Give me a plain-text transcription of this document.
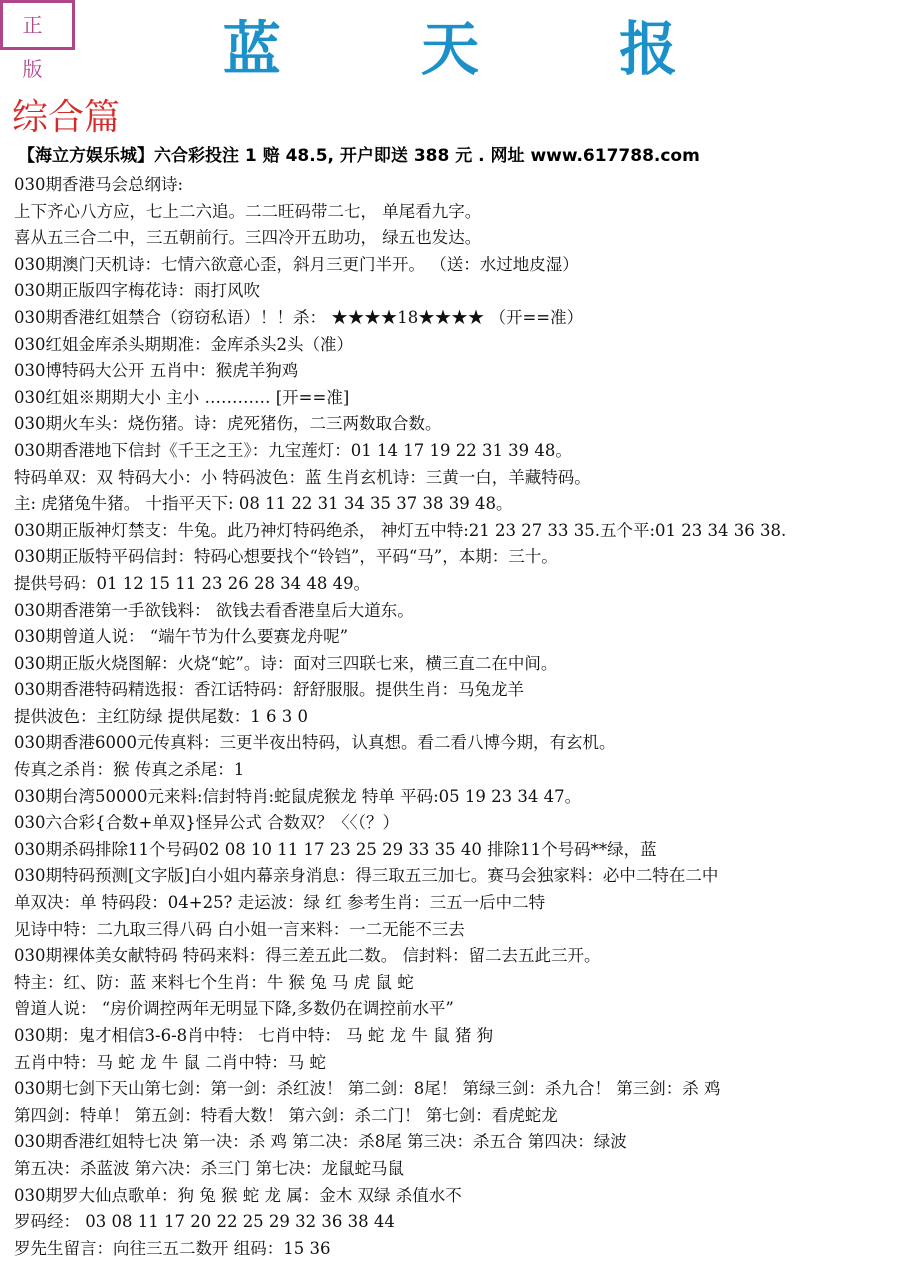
正 版	蓝 天 报
综合篇
【海立方娱乐城】六合彩投注 1 赔 48.5, 开户即送 388 元 . 网址 www.617788.com
030期香港马会总纲诗:
上下齐心八方应，七上二六追。二二旺码带二七， 单尾看九字。
喜从五三合二中，三五朝前行。三四冷开五助功， 绿五也发达。
030期澳门天机诗：七情六欲意心歪，斜月三更门半开。 （送：水过地皮湿）
030期正版四字梅花诗：雨打风吹
030期香港红姐禁合（窃窃私语）！！杀： ★★★★18★★★★ （开==准）
030红姐金库杀头期期准：金库杀头2头（准）
030博特码大公开 五肖中：猴虎羊狗鸡
030红姐※期期大小 主小 ………… [开==准]
030期火车头：烧伤猪。诗：虎死猪伤，二三两数取合数。
030期香港地下信封《千王之王》：九宝莲灯：01 14 17 19 22 31 39 48。
特码单双：双 特码大小：小 特码波色：蓝 生肖玄机诗：三黄一白，羊藏特码。
主: 虎猪兔牛猪。 十指平天下: 08 11 22 31 34 35 37 38 39 48。
030期正版神灯禁支：牛兔。此乃神灯特码绝杀， 神灯五中特:21 23 27 33 35.五个平:01 23 34 36 38.
030期正版特平码信封：特码心想要找个“铃铛”，平码“马”，本期：三十。
提供号码：01 12 15 11 23 26 28 34 48 49。
030期香港第一手欲钱料： 欲钱去看香港皇后大道东。
030期曾道人说： “端午节为什么要赛龙舟呢”
030期正版火烧图解：火烧“蛇”。诗：面对三四联七来，横三直二在中间。
030期香港特码精选报：香江话特码：舒舒服服。提供生肖：马兔龙羊
提供波色：主红防绿 提供尾数：1 6 3 0
030期香港6000元传真料：三更半夜出特码，认真想。看二看八博今期，有玄机。
传真之杀肖：猴 传真之杀尾：1
030期台湾50000元来料:信封特肖:蛇鼠虎猴龙 特单 平码:05 19 23 34 47。
030六合彩{合数+单双}怪异公式 合数双？〈〈（？）
030期杀码排除11个号码02 08 10 11 17 23 25 29 33 35 40 排除11个号码**绿，蓝
030期特码预测[文字版]白小姐内幕亲身消息：得三取五三加七。赛马会独家料：必中二特在二中
单双决：单 特码段：04+25? 走运波：绿 红 参考生肖：三五一后中二特
见诗中特：二九取三得八码 白小姐一言来料：一二无能不三去
030期裸体美女献特码 特码来料：得三差五此二数。 信封料：留二去五此三开。
特主：红、防：蓝 来料七个生肖：牛 猴 兔 马 虎 鼠 蛇
曾道人说： “房价调控两年无明显下降,多数仍在调控前水平”
030期：鬼才相信3-6-8肖中特： 七肖中特： 马 蛇 龙 牛 鼠 猪 狗
五肖中特：马 蛇 龙 牛 鼠 二肖中特：马 蛇
030期七剑下天山第七剑：第一剑：杀红波！ 第二剑：8尾！ 第绿三剑：杀九合！ 第三剑：杀 鸡
第四剑：特单！ 第五剑：特看大数！ 第六剑：杀二门！ 第七剑：看虎蛇龙
030期香港红姐特七决 第一决：杀 鸡 第二决：杀8尾 第三决：杀五合 第四决：绿波
第五决：杀蓝波 第六决：杀三门 第七决：龙鼠蛇马鼠
030期罗大仙点歌单：狗 兔 猴 蛇 龙 属：金木 双绿 杀值水不
罗码经： 03 08 11 17 20 22 25 29 32 36 38 44
罗先生留言：向往三五二数开 组码：15 36
